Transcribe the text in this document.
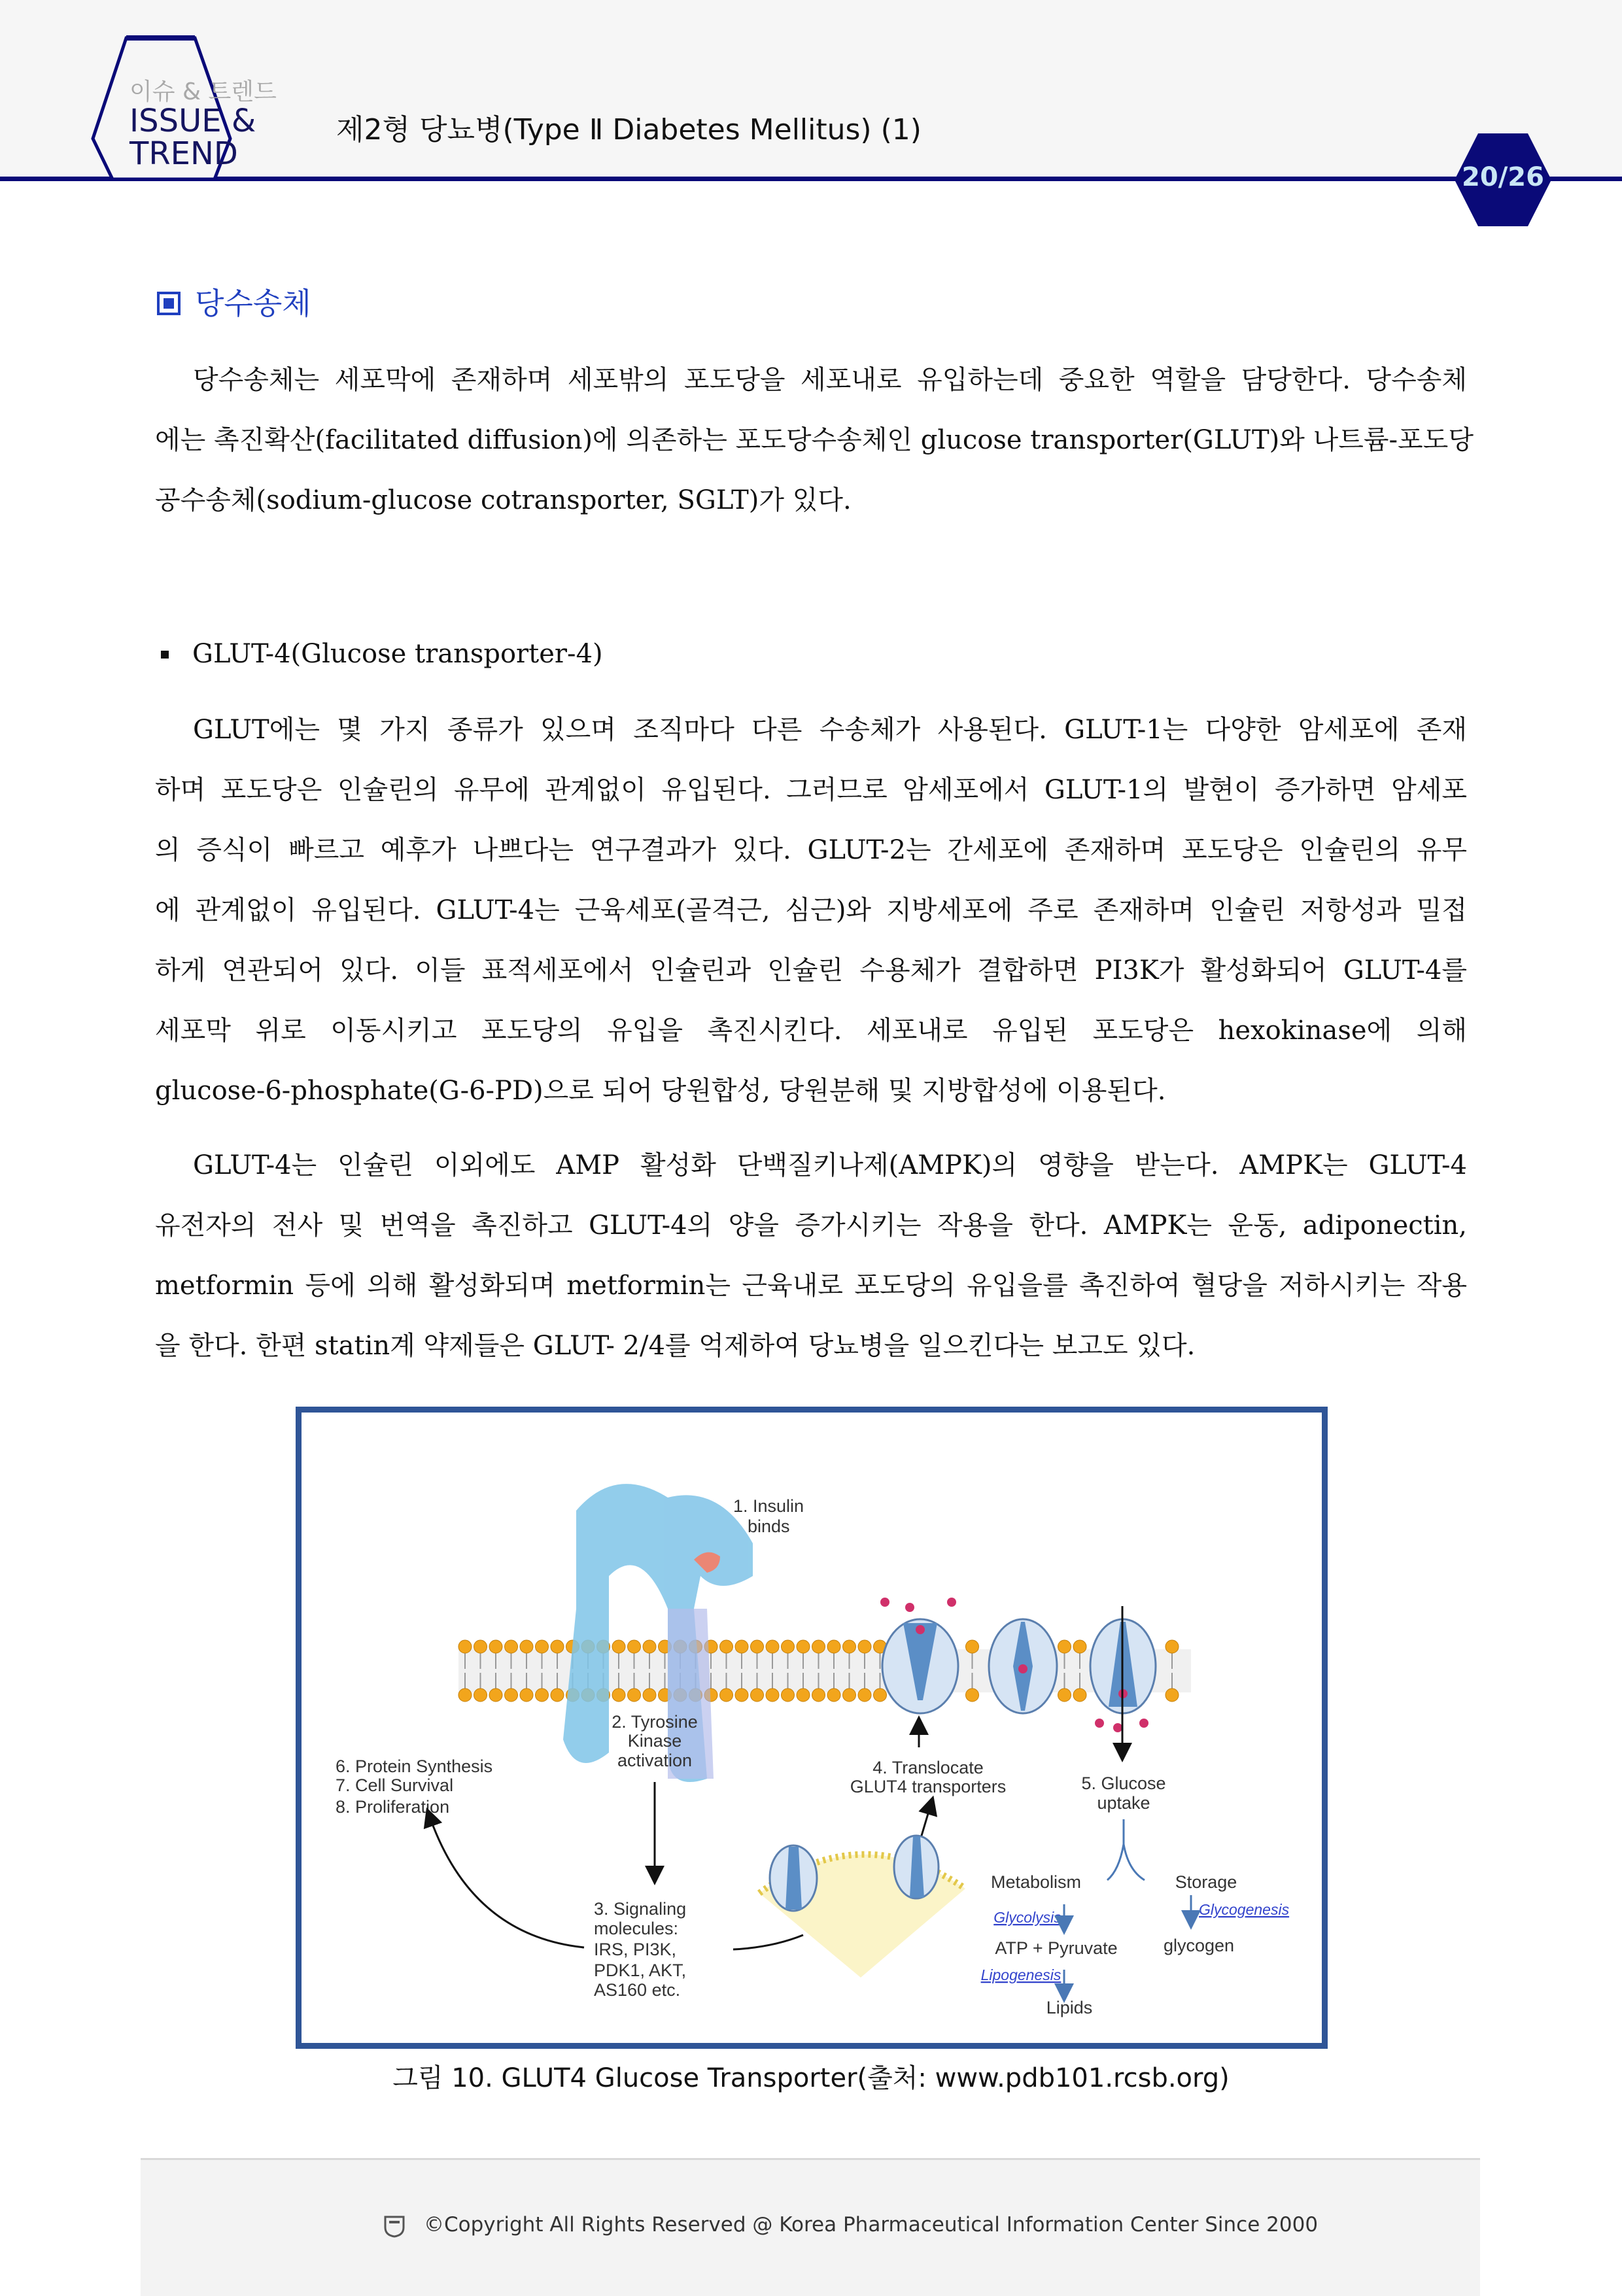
이슈 & 트렌드
ISSUE &
TREND
제2형 당뇨병(Type Ⅱ Diabetes Mellitus) (1)
20/26
당수송체
당수송체는 세포막에 존재하며 세포밖의 포도당을 세포내로 유입하는데 중요한 역할을 담당한다. 당수송체
에는 촉진확산(facilitated diffusion)에 의존하는 포도당수송체인 glucose transporter(GLUT)와 나트륨-포도당
공수송체(sodium-glucose cotransporter, SGLT)가 있다.
GLUT-4(Glucose transporter-4)
GLUT에는 몇 가지 종류가 있으며 조직마다 다른 수송체가 사용된다. GLUT-1는 다양한 암세포에 존재
하며 포도당은 인슐린의 유무에 관계없이 유입된다. 그러므로 암세포에서 GLUT-1의 발현이 증가하면 암세포
의 증식이 빠르고 예후가 나쁘다는 연구결과가 있다. GLUT-2는 간세포에 존재하며 포도당은 인슐린의 유무
에 관계없이 유입된다. GLUT-4는 근육세포(골격근, 심근)와 지방세포에 주로 존재하며 인슐린 저항성과 밀접
하게 연관되어 있다. 이들 표적세포에서 인슐린과 인슐린 수용체가 결합하면 PI3K가 활성화되어 GLUT-4를
세포막 위로 이동시키고 포도당의 유입을 촉진시킨다. 세포내로 유입된 포도당은 hexokinase에 의해
glucose-6-phosphate(G-6-PD)으로 되어 당원합성, 당원분해 및 지방합성에 이용된다.
GLUT-4는 인슐린 이외에도 AMP 활성화 단백질키나제(AMPK)의 영향을 받는다. AMPK는 GLUT-4
유전자의 전사 및 번역을 촉진하고 GLUT-4의 양을 증가시키는 작용을 한다. AMPK는 운동, adiponectin,
metformin 등에 의해 활성화되며 metformin는 근육내로 포도당의 유입을를 촉진하여 혈당을 저하시키는 작용
을 한다. 한편 statin계 약제들은 GLUT- 2/4를 억제하여 당뇨병을 일으킨다는 보고도 있다.
1. Insulin
binds
2. Tyrosine
Kinase
activation
6. Protein Synthesis
7. Cell Survival
8. Proliferation
4. Translocate
GLUT4 transporters	5. Glucose
uptake
3. Signaling
molecules:
IRS, PI3K,
PDK1, AKT,
AS160 etc.
Metabolism	Storage
Glycolysis	Glycogenesis
ATP + Pyruvate	glycogen
Lipogenesis
Lipids
그림 10. GLUT4 Glucose Transporter(출처: www.pdb101.rcsb.org)
©Copyright All Rights Reserved @ Korea Pharmaceutical Information Center Since 2000
